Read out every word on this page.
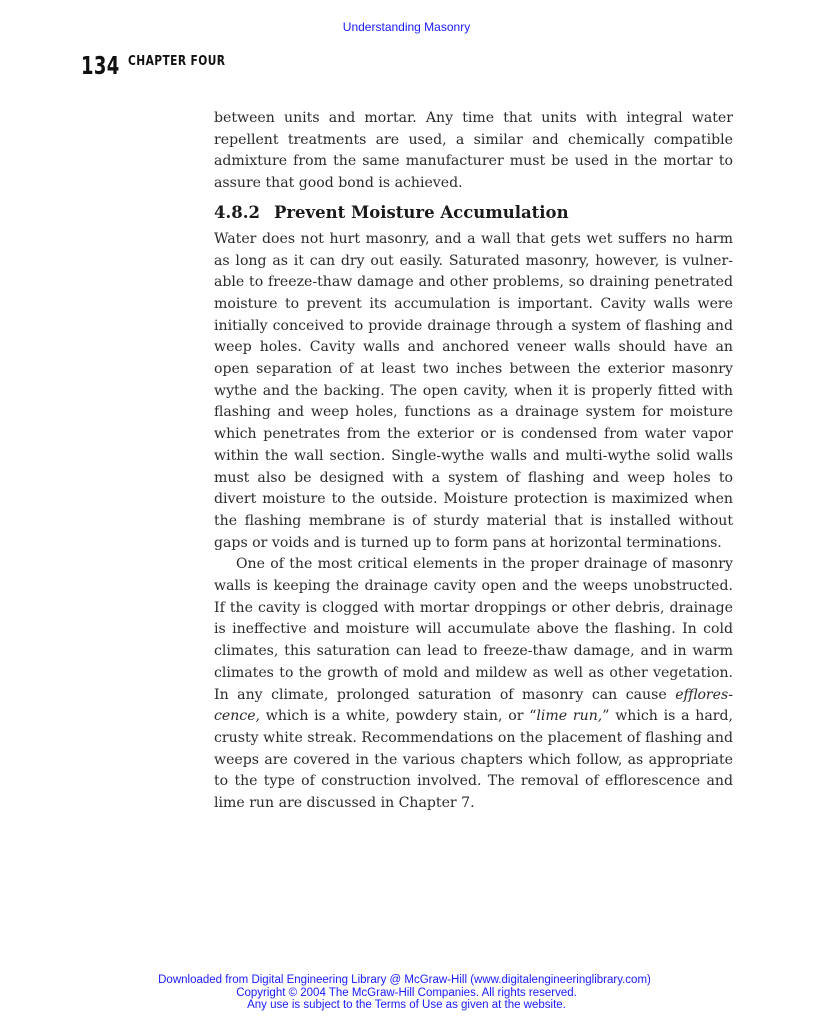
Understanding Masonry
134 CHAPTER FOUR

between units and mortar. Any time that units with integral water repellent treatments are used, a similar and chemically compatible admixture from the same manufacturer must be used in the mortar to assure that good bond is achieved.

4.8.2 Prevent Moisture Accumulation

Water does not hurt masonry, and a wall that gets wet suffers no harm as long as it can dry out easily. Saturated masonry, however, is vulnerable to freeze-thaw damage and other problems, so draining penetrated moisture to prevent its accumulation is important. Cavity walls were initially conceived to provide drainage through a system of flashing and weep holes. Cavity walls and anchored veneer walls should have an open separation of at least two inches between the exterior masonry wythe and the backing. The open cavity, when it is properly fitted with flashing and weep holes, functions as a drainage system for moisture which penetrates from the exterior or is condensed from water vapor within the wall section. Single-wythe walls and multi-wythe solid walls must also be designed with a system of flashing and weep holes to divert moisture to the outside. Moisture protection is maximized when the flashing membrane is of sturdy material that is installed without gaps or voids and is turned up to form pans at horizontal terminations.

One of the most critical elements in the proper drainage of masonry walls is keeping the drainage cavity open and the weeps unobstructed. If the cavity is clogged with mortar droppings or other debris, drainage is ineffective and moisture will accumulate above the flashing. In cold climates, this saturation can lead to freeze-thaw damage, and in warm climates to the growth of mold and mildew as well as other vegetation. In any climate, prolonged saturation of masonry can cause efflorescence, which is a white, powdery stain, or “lime run,” which is a hard, crusty white streak. Recommendations on the placement of flashing and weeps are covered in the various chapters which follow, as appropriate to the type of construction involved. The removal of efflorescence and lime run are discussed in Chapter 7.

Downloaded from Digital Engineering Library @ McGraw-Hill (www.digitalengineeringlibrary.com)
Copyright © 2004 The McGraw-Hill Companies. All rights reserved.
Any use is subject to the Terms of Use as given at the website.
